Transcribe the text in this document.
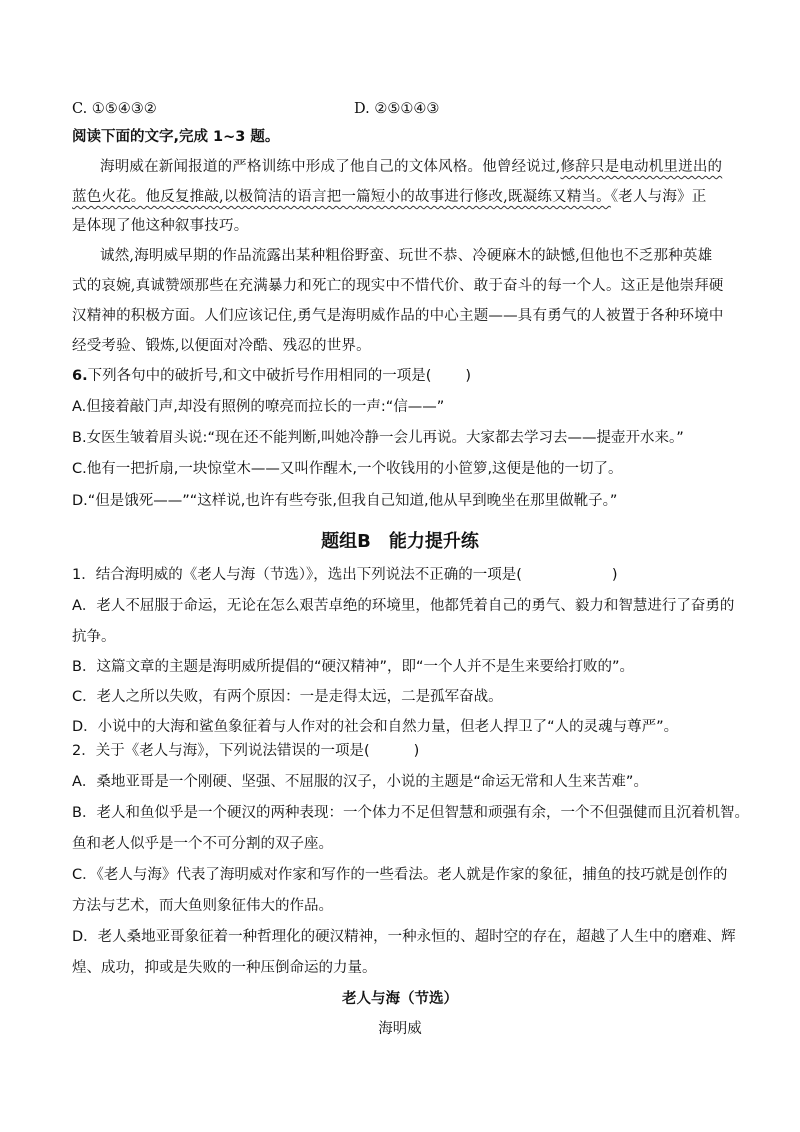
C. ①⑤④③②	D. ②⑤①④③
阅读下面的文字,完成 1~3 题。
海明威在新闻报道的严格训练中形成了他自己的文体风格。他曾经说过,修辞只是电动机里迸出的
蓝色火花。他反复推敲,以极简洁的语言把一篇短小的故事进行修改,既凝练又精当。《老人与海》正
是体现了他这种叙事技巧。
诚然,海明威早期的作品流露出某种粗俗野蛮、玩世不恭、冷硬麻木的缺憾,但他也不乏那种英雄
式的哀婉,真诚赞颂那些在充满暴力和死亡的现实中不惜代价、敢于奋斗的每一个人。这正是他崇拜硬
汉精神的积极方面。人们应该记住,勇气是海明威作品的中心主题——具有勇气的人被置于各种环境中
经受考验、锻炼,以便面对冷酷、残忍的世界。
6.下列各句中的破折号,和文中破折号作用相同的一项是( )
A.但接着敲门声,却没有照例的嘹亮而拉长的一声:“信——”
B.女医生皱着眉头说:“现在还不能判断,叫她冷静一会儿再说。大家都去学习去——提壶开水来。”
C.他有一把折扇,一块惊堂木——又叫作醒木,一个收钱用的小笸箩,这便是他的一切了。
D.“但是饿死——”“这样说,也许有些夸张,但我自己知道,他从早到晚坐在那里做靴子。”
题组B　能力提升练
1．结合海明威的《老人与海（节选）》，选出下列说法不正确的一项是(	)
A．老人不屈服于命运，无论在怎么艰苦卓绝的环境里，他都凭着自己的勇气、毅力和智慧进行了奋勇的
抗争。
B．这篇文章的主题是海明威所提倡的“硬汉精神”，即“一个人并不是生来要给打败的”。
C．老人之所以失败，有两个原因：一是走得太远，二是孤军奋战。
D．小说中的大海和鲨鱼象征着与人作对的社会和自然力量，但老人捍卫了“人的灵魂与尊严”。
2．关于《老人与海》，下列说法错误的一项是(	)
A．桑地亚哥是一个刚硬、坚强、不屈服的汉子，小说的主题是“命运无常和人生来苦难”。
B．老人和鱼似乎是一个硬汉的两种表现：一个体力不足但智慧和顽强有余，一个不但强健而且沉着机智。
鱼和老人似乎是一个不可分割的双子座。
C．《老人与海》代表了海明威对作家和写作的一些看法。老人就是作家的象征，捕鱼的技巧就是创作的
方法与艺术，而大鱼则象征伟大的作品。
D．老人桑地亚哥象征着一种哲理化的硬汉精神，一种永恒的、超时空的存在，超越了人生中的磨难、辉
煌、成功，抑或是失败的一种压倒命运的力量。
老人与海（节选）
海明威
